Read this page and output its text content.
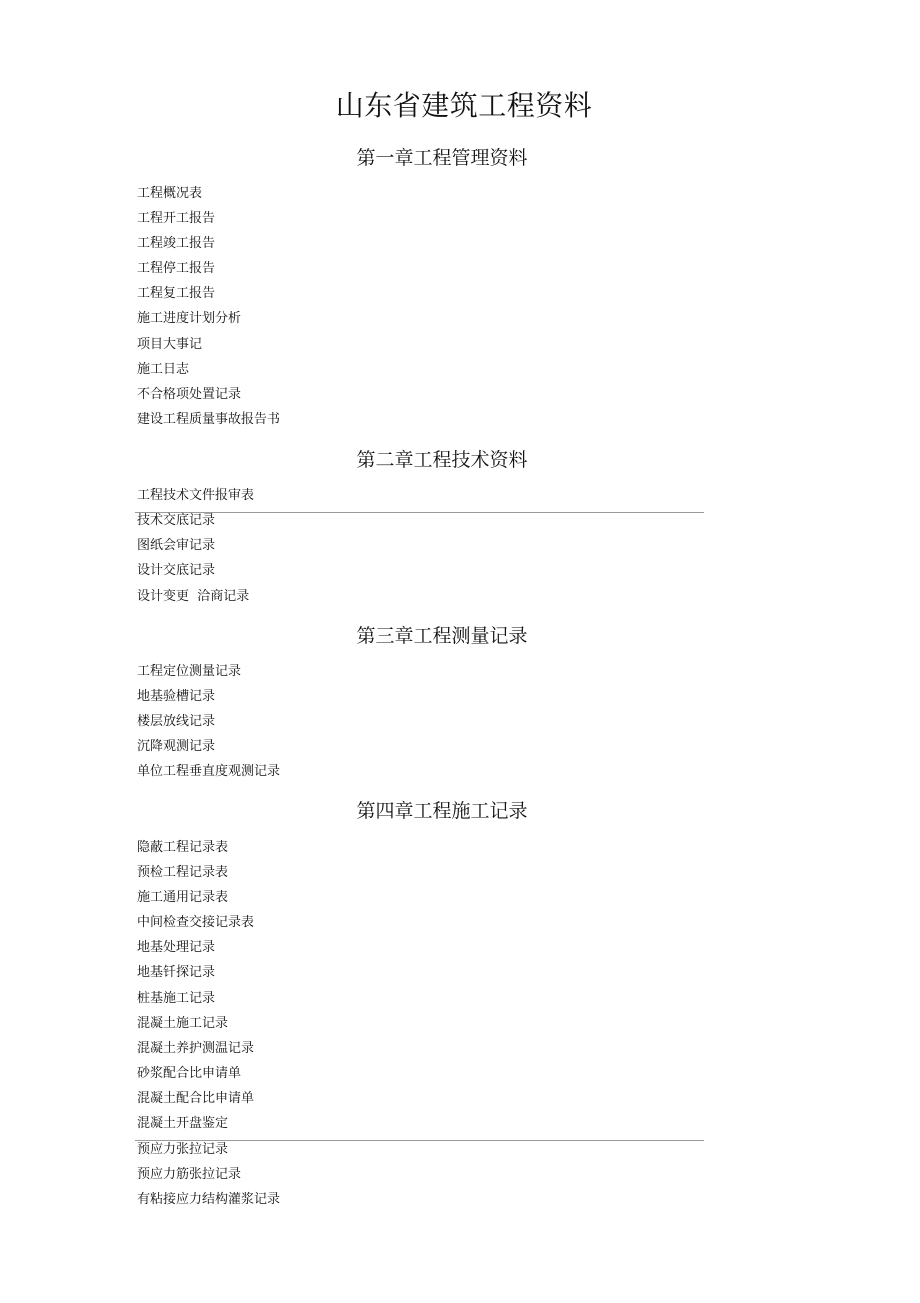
山东省建筑工程资料
第一章工程管理资料

工程概况表

工程开工报告

工程竣工报告

工程停工报告

工程复工报告

施工进度计划分析

项目大事记

施工日志

不合格项处置记录

建设工程质量事故报告书

第二章工程技术资料

工程技术文件报审表

技术交底记录

图纸会审记录

设计交底记录

设计变更  洽商记录

第三章工程测量记录

工程定位测量记录

地基验槽记录

楼层放线记录

沉降观测记录

单位工程垂直度观测记录

第四章工程施工记录

隐蔽工程记录表

预检工程记录表

施工通用记录表

中间检查交接记录表

地基处理记录

地基钎探记录

桩基施工记录

混凝土施工记录

混凝土养护测温记录

砂浆配合比申请单

混凝土配合比申请单

混凝土开盘鉴定

预应力张拉记录

预应力筋张拉记录

有粘接应力结构灌浆记录
